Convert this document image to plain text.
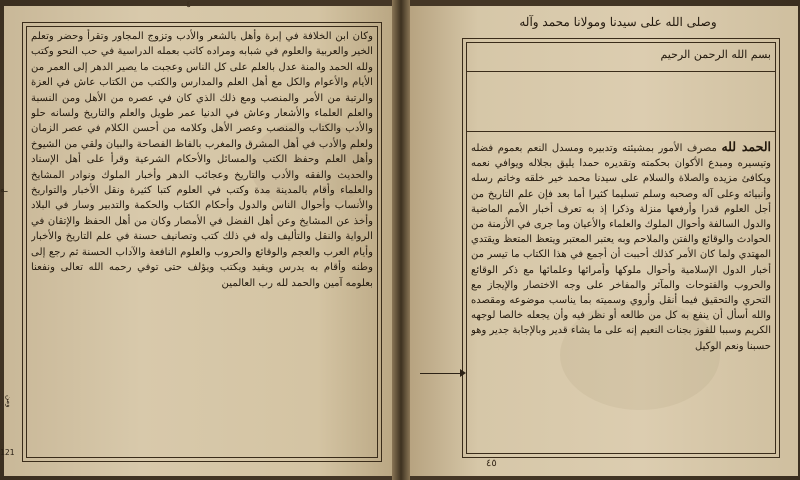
٤
ـه
ومن
121
وكان ابن الخلافة في إبرة وأهل بالشعر والأدب وتزوج المجاور وتقرأ وحضر وتعلم الخير والعربية والعلوم في شبابه ومراده كاتب بعمله الدراسية في حب النحو وكتب ولله الحمد والمنة عدل بالعلم على كل الناس وعجبت ما يصير الدهر إلى العمر من الأيام والأعوام والكل مع أهل العلم والمدارس والكتب من الكتاب عاش في العزة والرتبة من الأمر والمنصب ومع ذلك الذي كان في عصره من الأهل ومن النسبة والعلم العلماء والأشعار وعاش في الدنيا عمر طويل والعلم والتاريخ ولسانه حلو والأدب والكتاب والمنصب وعصر الأهل وكلامه من أحسن الكلام في عصر الزمان ولعلم والأدب في أهل المشرق والمغرب بالفاظ الفصاحة والبيان ولقي من الشيوخ وأهل العلم وحفظ الكتب والمسائل والأحكام الشرعية وقرأ على أهل الإسناد والحديث والفقه والأدب والتاريخ وعجائب الدهر وأخبار الملوك ونوادر المشايخ والعلماء وأقام بالمدينة مدة وكتب في العلوم كتبا كثيرة ونقل الأخبار والتواريخ والأنساب وأحوال الناس والدول وأحكام الكتاب والحكمة والتدبير وسار في البلاد وأخذ عن المشايخ وعن أهل الفضل في الأمصار وكان من أهل الحفظ والإتقان في الرواية والنقل والتأليف وله في ذلك كتب وتصانيف حسنة في علم التاريخ والأخبار وأيام العرب والعجم والوقائع والحروب والعلوم النافعة والآداب الحسنة ثم رجع إلى وطنه وأقام به يدرس ويفيد ويكتب ويؤلف حتى توفي رحمه الله تعالى ونفعنا بعلومه آمين والحمد لله رب العالمين
وصلى الله على سيدنا ومولانا محمد وآله
بسم الله الرحمن الرحيم
الحمد لله مصرف الأمور بمشيئته وتدبيره ومسدل النعم بعموم فضله وتيسيره ومبدع الأكوان بحكمته وتقديره حمدا يليق بجلاله ويوافي نعمه ويكافئ مزيده والصلاة والسلام على سيدنا محمد خير خلقه وخاتم رسله وأنبيائه وعلى آله وصحبه وسلم تسليما كثيرا أما بعد فإن علم التاريخ من أجل العلوم قدرا وأرفعها منزلة وذكرا إذ به تعرف أخبار الأمم الماضية والدول السالفة وأحوال الملوك والعلماء والأعيان وما جرى في الأزمنة من الحوادث والوقائع والفتن والملاحم وبه يعتبر المعتبر ويتعظ المتعظ ويقتدي المهتدي ولما كان الأمر كذلك أحببت أن أجمع في هذا الكتاب ما تيسر من أخبار الدول الإسلامية وأحوال ملوكها وأمرائها وعلمائها مع ذكر الوقائع والحروب والفتوحات والمآثر والمفاخر على وجه الاختصار والإيجاز مع التحري والتحقيق فيما أنقل وأروي وسميته بما يناسب موضوعه ومقصده والله أسأل أن ينفع به كل من طالعه أو نظر فيه وأن يجعله خالصا لوجهه الكريم وسببا للفوز بجنات النعيم إنه على ما يشاء قدير وبالإجابة جدير وهو حسبنا ونعم الوكيل
٤٥
